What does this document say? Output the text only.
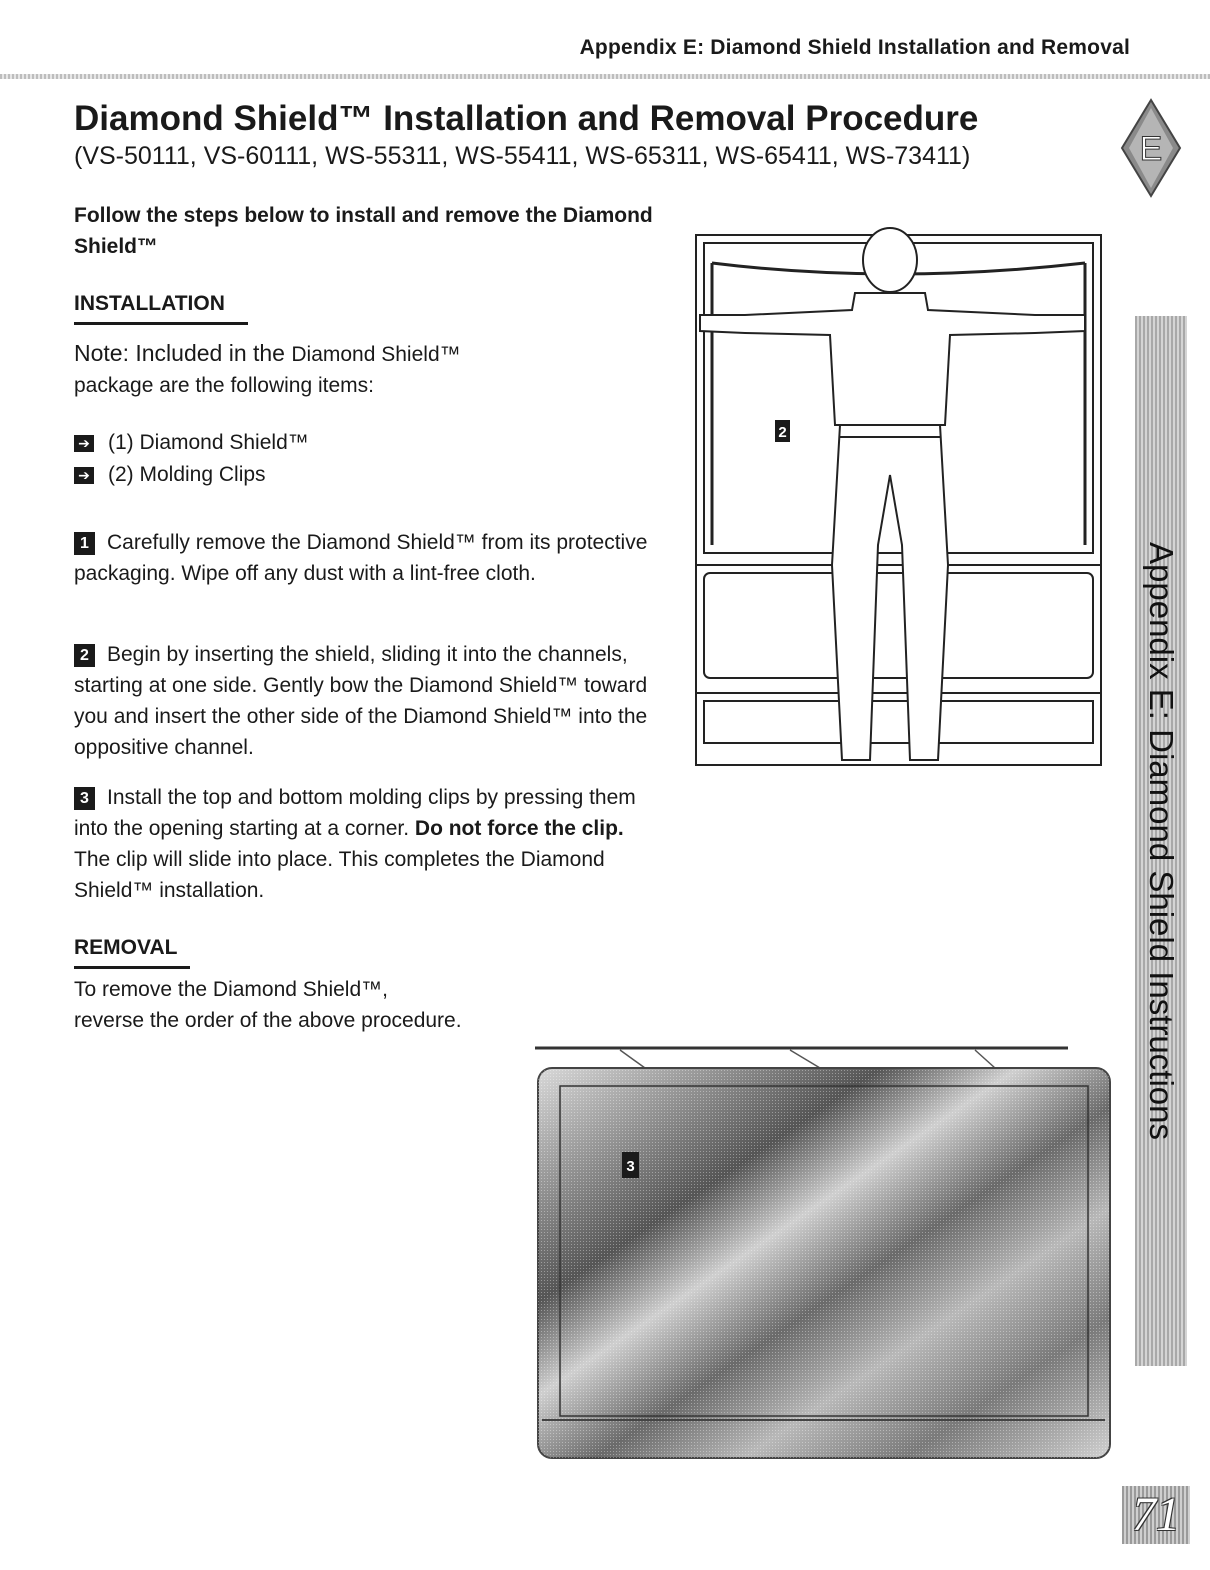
Appendix E: Diamond Shield Installation and Removal
Diamond Shield™ Installation and Removal Procedure

(VS-50111, VS-60111, WS-55311, WS-55411, WS-65311, WS-65411, WS-73411)	E

Follow the steps below to install and remove the Diamond Shield™

INSTALLATION

Note: Included in the Diamond Shield™
package are the following items:

➔ (1) Diamond Shield™
➔ (2) Molding Clips

1 Carefully remove the Diamond Shield™ from its protective packaging. Wipe off any dust with a lint-free cloth.

2 Begin by inserting the shield, sliding it into the channels, starting at one side. Gently bow the Diamond Shield™ toward you and insert the other side of the Diamond Shield™ into the oppositive channel.

3 Install the top and bottom molding clips by pressing them into the opening starting at a corner. Do not force the clip. The clip will slide into place. This completes the Diamond Shield™ installation.

REMOVAL

To remove the Diamond Shield™,
reverse the order of the above procedure.

2
3
Appendix E: Diamond Shield Instructions
71
